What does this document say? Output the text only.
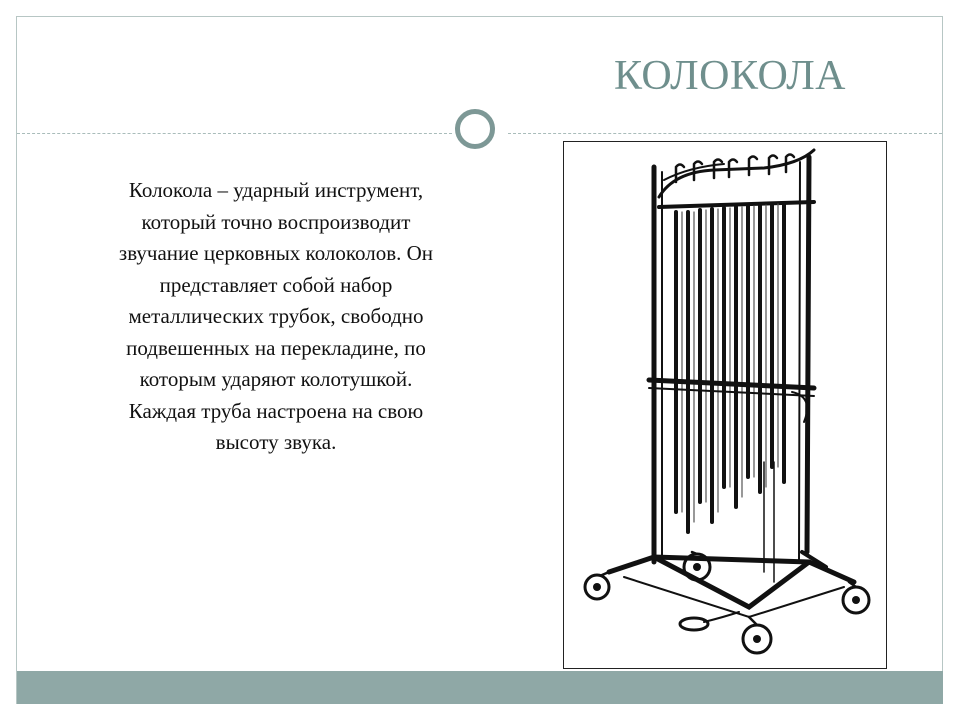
КОЛОКОЛА
Колокола – ударный инструмент,
который точно воспроизводит
звучание церковных колоколов. Он
представляет собой набор
металлических трубок, свободно
подвешенных на перекладине, по
которым ударяют колотушкой.
Каждая труба настроена на свою
высоту звука.
